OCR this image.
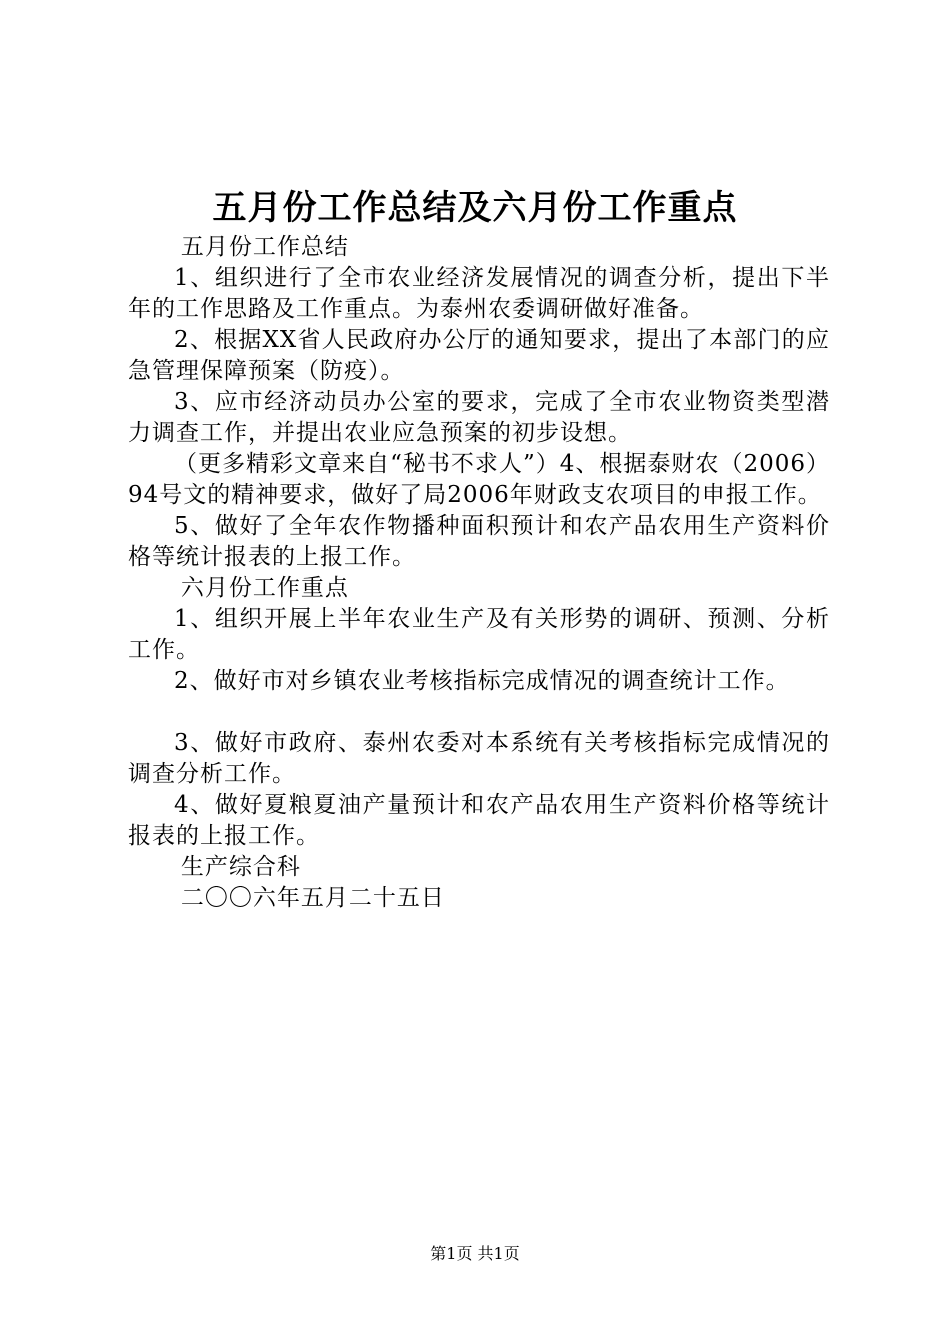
五月份工作总结及六月份工作重点

五月份工作总结

1、组织进行了全市农业经济发展情况的调查分析，提出下半年的工作思路及工作重点。为泰州农委调研做好准备。

2、根据XX省人民政府办公厅的通知要求，提出了本部门的应急管理保障预案（防疫）。

3、应市经济动员办公室的要求，完成了全市农业物资类型潜力调查工作，并提出农业应急预案的初步设想。

（更多精彩文章来自“秘书不求人”）4、根据泰财农（2006）94号文的精神要求，做好了局2006年财政支农项目的申报工作。

5、做好了全年农作物播种面积预计和农产品农用生产资料价格等统计报表的上报工作。

六月份工作重点

1、组织开展上半年农业生产及有关形势的调研、预测、分析工作。

2、做好市对乡镇农业考核指标完成情况的调查统计工作。

3、做好市政府、泰州农委对本系统有关考核指标完成情况的调查分析工作。

4、做好夏粮夏油产量预计和农产品农用生产资料价格等统计报表的上报工作。

生产综合科

二〇〇六年五月二十五日

第1页 共1页
